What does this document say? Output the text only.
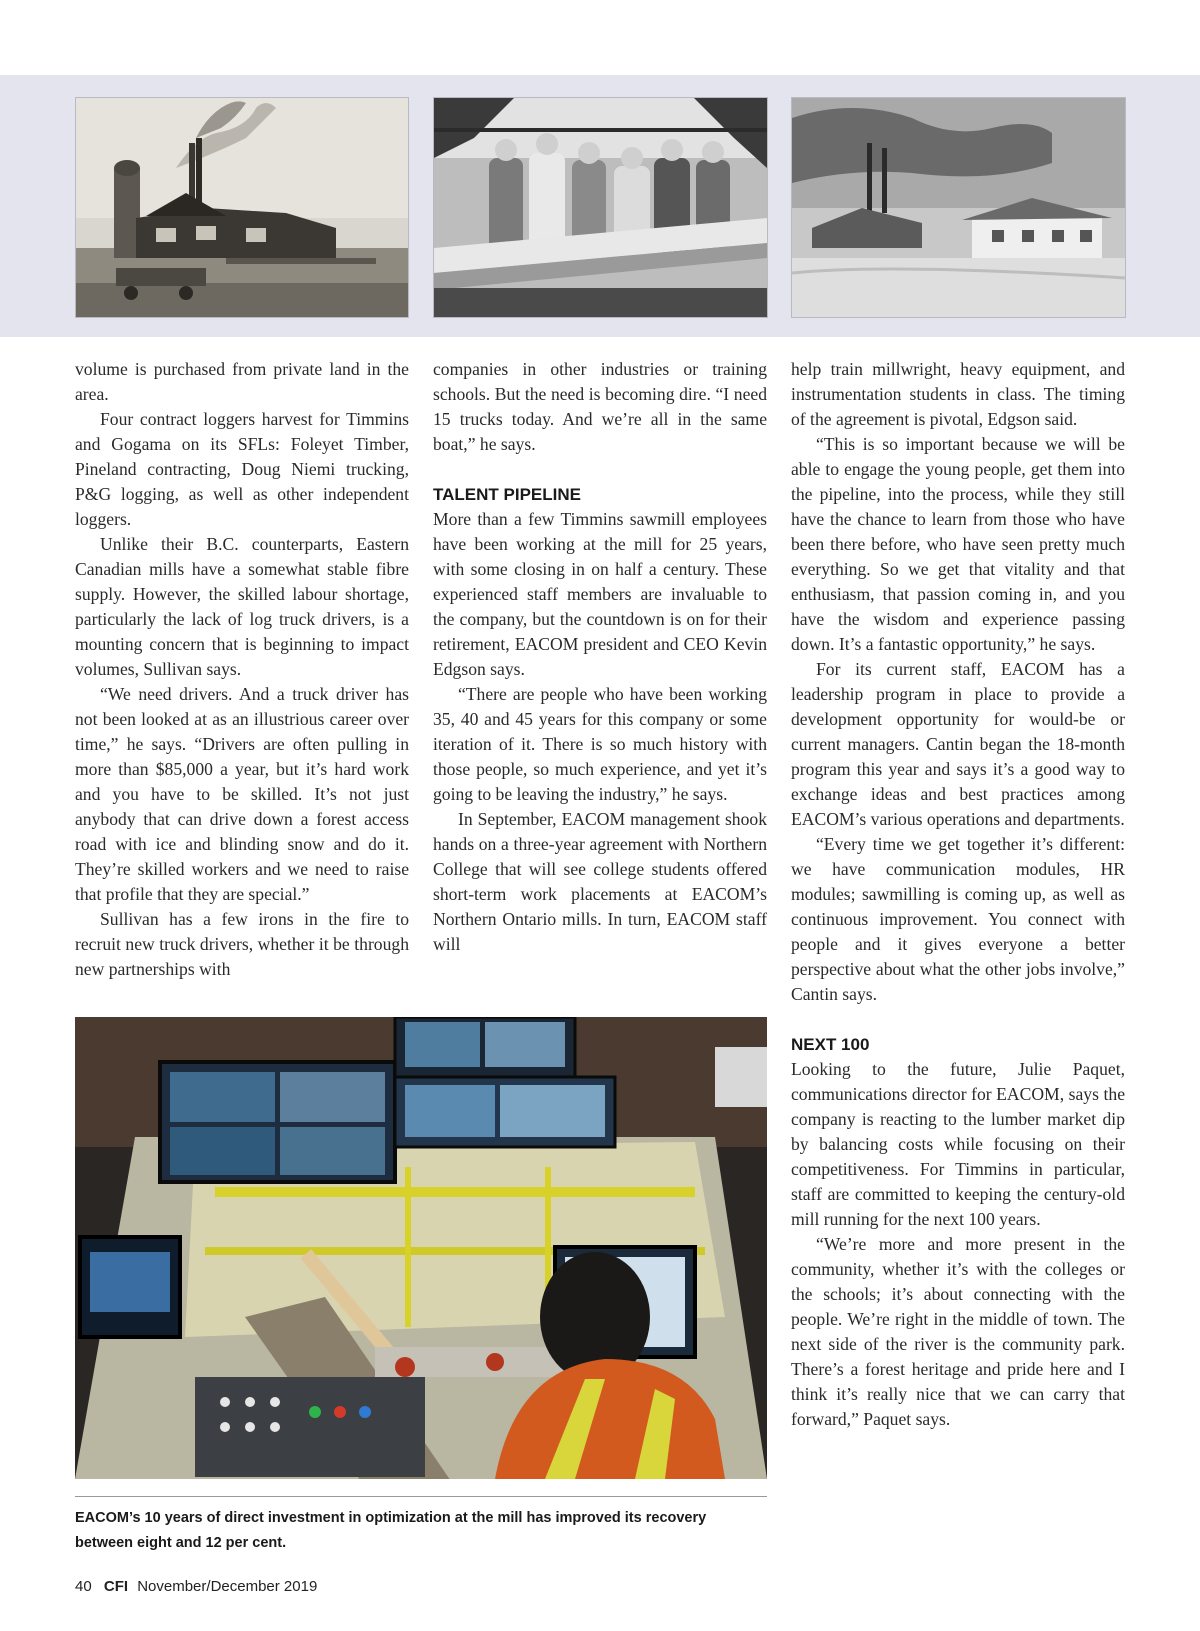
volume is purchased from private land in the area.

Four contract loggers harvest for Timmins and Gogama on its SFLs: Foleyet Timber, Pineland contracting, Doug Niemi trucking, P&G logging, as well as other independent loggers.

Unlike their B.C. counterparts, Eastern Canadian mills have a somewhat stable fibre supply. However, the skilled labour shortage, particularly the lack of log truck drivers, is a mounting concern that is beginning to impact volumes, Sullivan says.

“We need drivers. And a truck driver has not been looked at as an illustrious career over time,” he says. “Drivers are often pulling in more than $85,000 a year, but it’s hard work and you have to be skilled. It’s not just anybody that can drive down a forest access road with ice and blinding snow and do it. They’re skilled workers and we need to raise that profile that they are special.”

Sullivan has a few irons in the fire to recruit new truck drivers, whether it be through new partnerships with

companies in other industries or training schools. But the need is becoming dire. “I need 15 trucks today. And we’re all in the same boat,” he says.

TALENT PIPELINE

More than a few Timmins sawmill employees have been working at the mill for 25 years, with some closing in on half a century. These experienced staff members are invaluable to the company, but the countdown is on for their retirement, EACOM president and CEO Kevin Edgson says.

“There are people who have been working 35, 40 and 45 years for this company or some iteration of it. There is so much history with those people, so much experience, and yet it’s going to be leaving the industry,” he says.

In September, EACOM management shook hands on a three-year agreement with Northern College that will see college students offered short-term work placements at EACOM’s Northern Ontario mills. In turn, EACOM staff will

help train millwright, heavy equipment, and instrumentation students in class. The timing of the agreement is pivotal, Edgson said.

“This is so important because we will be able to engage the young people, get them into the pipeline, into the process, while they still have the chance to learn from those who have been there before, who have seen pretty much everything. So we get that vitality and that enthusiasm, that passion coming in, and you have the wisdom and experience passing down. It’s a fantastic opportunity,” he says.

For its current staff, EACOM has a leadership program in place to provide a development opportunity for would-be or current managers. Cantin began the 18-month program this year and says it’s a good way to exchange ideas and best practices among EACOM’s various operations and departments.

“Every time we get together it’s different: we have communication modules, HR modules; sawmilling is coming up, as well as continuous improvement. You connect with people and it gives everyone a better perspective about what the other jobs involve,” Cantin says.

NEXT 100

Looking to the future, Julie Paquet, communications director for EACOM, says the company is reacting to the lumber market dip by balancing costs while focusing on their competitiveness. For Timmins in particular, staff are committed to keeping the century-old mill running for the next 100 years.

“We’re more and more present in the community, whether it’s with the colleges or the schools; it’s about connecting with the people. We’re right in the middle of town. The next side of the river is the community park. There’s a forest heritage and pride here and I think it’s really nice that we can carry that forward,” Paquet says.

EACOM’s 10 years of direct investment in optimization at the mill has improved its recovery between eight and 12 per cent.
40 CFI November/December 2019
